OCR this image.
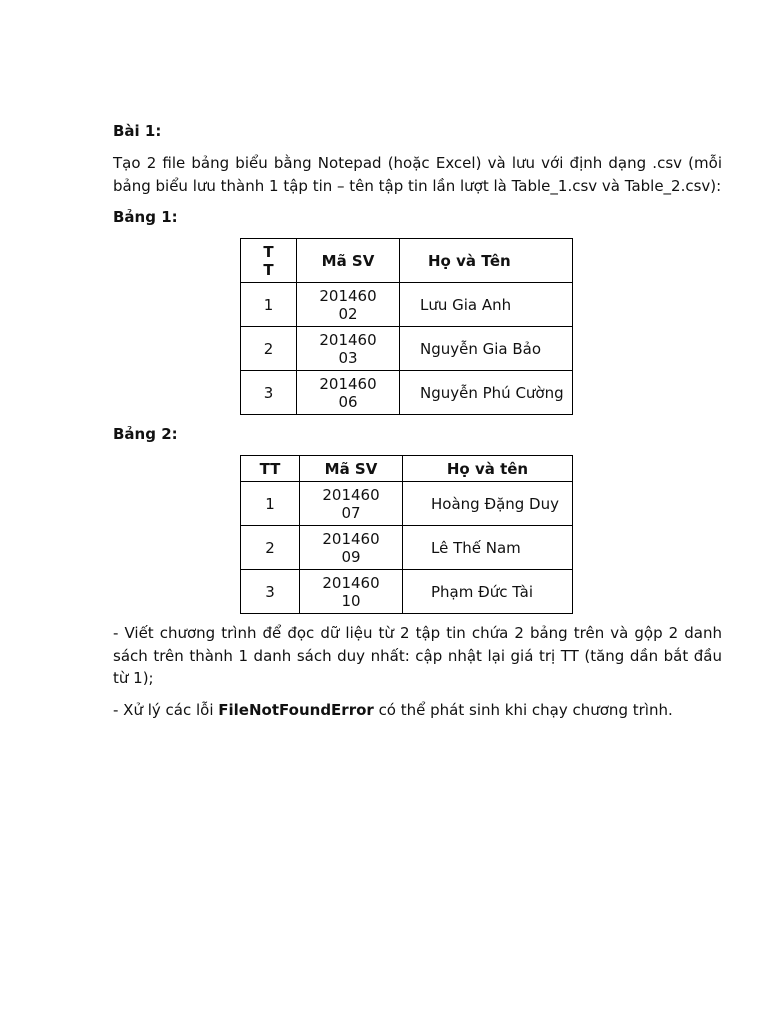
Bài 1:
Tạo 2 file bảng biểu bằng Notepad (hoặc Excel) và lưu với định dạng .csv (mỗi bảng biểu lưu thành 1 tập tin – tên tập tin lần lượt là Table_1.csv và Table_2.csv):
Bảng 1:
TT	Mã SV	Họ và Tên
1	20146002	Lưu Gia Anh
2	20146003	Nguyễn Gia Bảo
3	20146006	Nguyễn Phú Cường
Bảng 2:
TT	Mã SV	Họ và tên
1	20146007	Hoàng Đặng Duy
2	20146009	Lê Thế Nam
3	20146010	Phạm Đức Tài
- Viết chương trình để đọc dữ liệu từ 2 tập tin chứa 2 bảng trên và gộp 2 danh sách trên thành 1 danh sách duy nhất: cập nhật lại giá trị TT (tăng dần bắt đầu từ 1);
- Xử lý các lỗi FileNotFoundError có thể phát sinh khi chạy chương trình.
